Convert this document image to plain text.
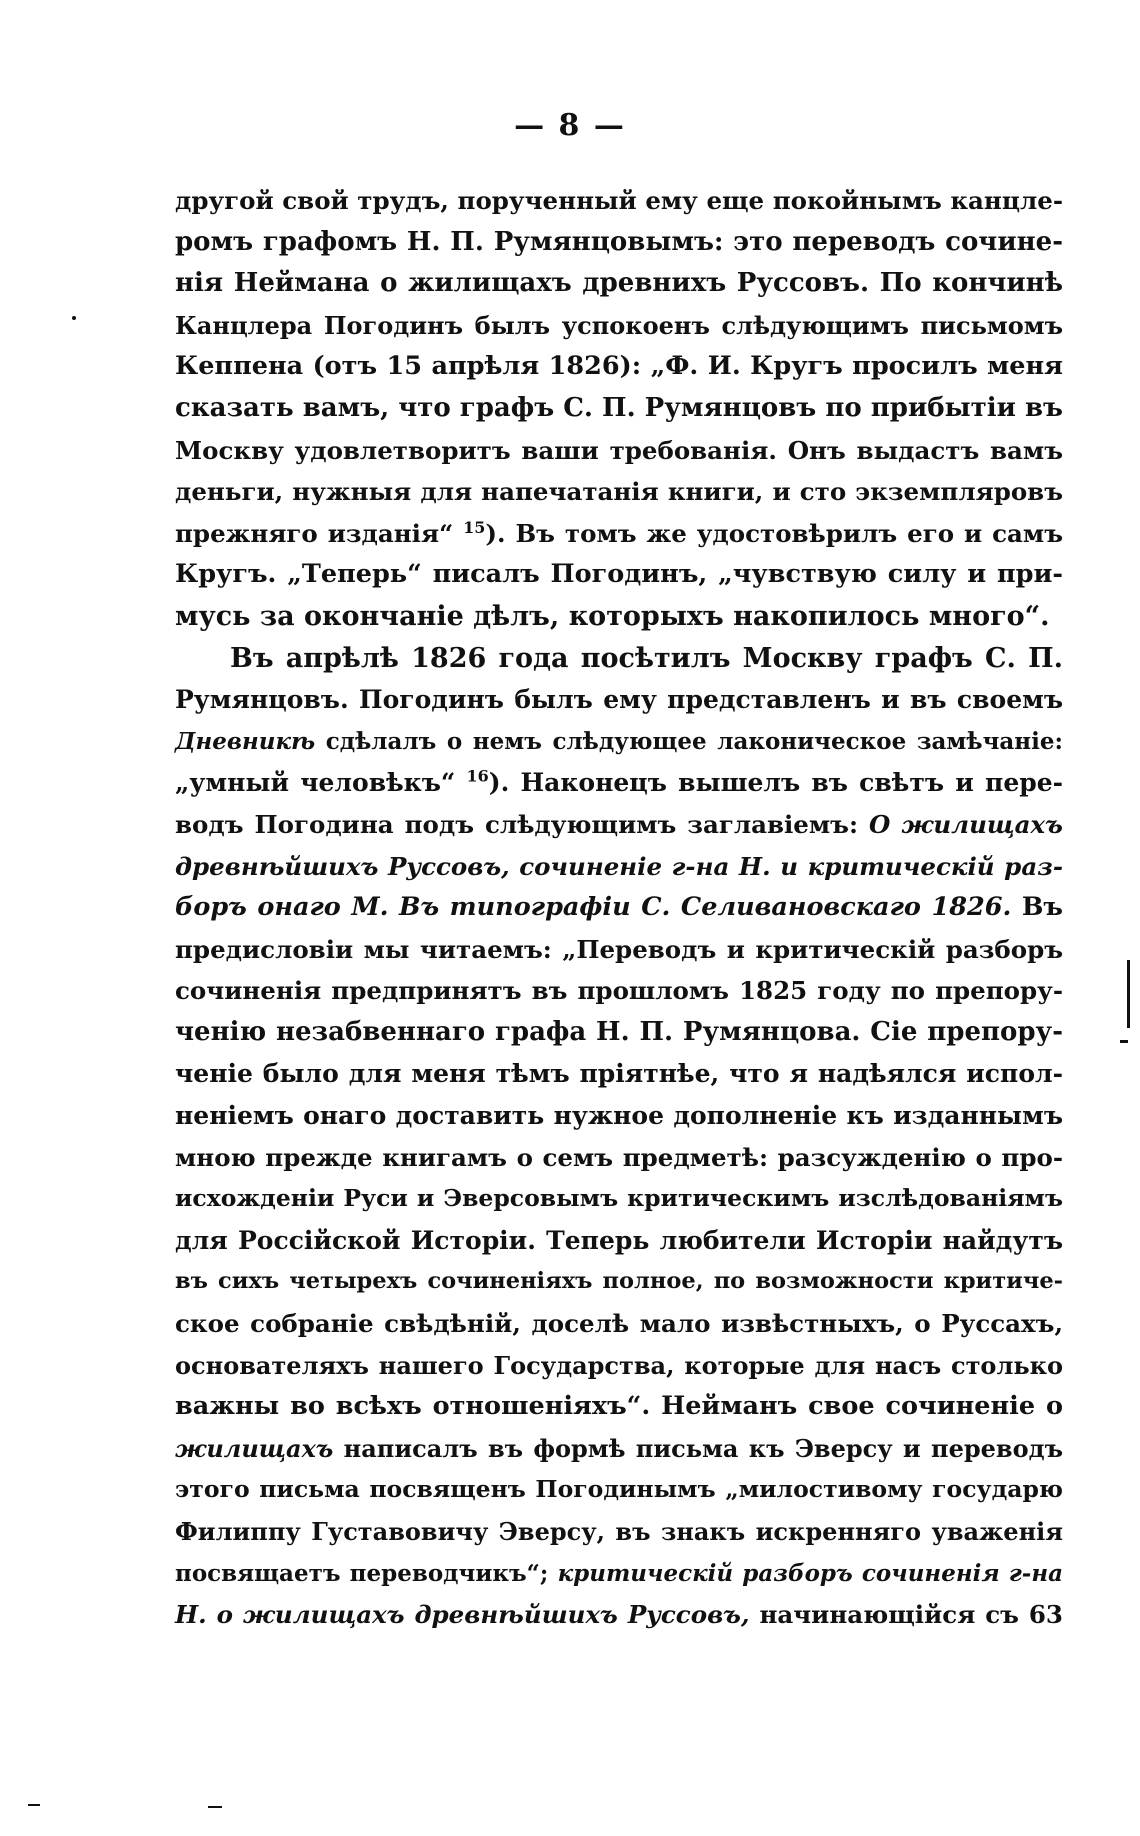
— 8 —
другой свой трудъ, порученный ему еще покойнымъ канцле-
ромъ графомъ Н. П. Румянцовымъ: это переводъ сочине-
нія Неймана о жилищахъ древнихъ Руссовъ. По кончинѣ
Канцлера Погодинъ былъ успокоенъ слѣдующимъ письмомъ
Кеппена (отъ 15 апрѣля 1826): „Ф. И. Кругъ просилъ меня
сказать вамъ, что графъ С. П. Румянцовъ по прибытіи въ
Москву удовлетворитъ ваши требованія. Онъ выдастъ вамъ
деньги, нужныя для напечатанія книги, и сто экземпляровъ
прежняго изданія“ $^{15}$). Въ томъ же удостовѣрилъ его и самъ
Кругъ. „Теперь“ писалъ Погодинъ, „чувствую силу и при-
мусь за окончаніе дѣлъ, которыхъ накопилось много“.
Въ апрѣлѣ 1826 года посѣтилъ Москву графъ С. П.
Румянцовъ. Погодинъ былъ ему представленъ и въ своемъ
Дневникѣ сдѣлалъ о немъ слѣдующее лаконическое замѣчаніе:
„умный человѣкъ“ $^{16}$). Наконецъ вышелъ въ свѣтъ и пере-
водъ Погодина подъ слѣдующимъ заглавіемъ: О жилищахъ
древнѣйшихъ Руссовъ, сочиненіе г-на Н. и критическій раз-
боръ онаго М. Въ типографіи С. Селивановскаго 1826. Въ
предисловіи мы читаемъ: „Переводъ и критическій разборъ
сочиненія предпринятъ въ прошломъ 1825 году по препору-
ченію незабвеннаго графа Н. П. Румянцова. Сіе препору-
ченіе было для меня тѣмъ пріятнѣе, что я надѣялся испол-
неніемъ онаго доставить нужное дополненіе къ изданнымъ
мною прежде книгамъ о семъ предметѣ: разсужденію о про-
исхожденіи Руси и Эверсовымъ критическимъ изслѣдованіямъ
для Россійской Исторіи. Теперь любители Исторіи найдутъ
въ сихъ четырехъ сочиненіяхъ полное, по возможности критиче-
ское собраніе свѣдѣній, доселѣ мало извѣстныхъ, о Руссахъ,
основателяхъ нашего Государства, которые для насъ столько
важны во всѣхъ отношеніяхъ“. Нейманъ свое сочиненіе о
жилищахъ написалъ въ формѣ письма къ Эверсу и переводъ
этого письма посвященъ Погодинымъ „милостивому государю
Филиппу Густавовичу Эверсу, въ знакъ искренняго уваженія
посвящаетъ переводчикъ“; критическій разборъ сочиненія г-на
Н. о жилищахъ древнѣйшихъ Руссовъ, начинающійся съ 63
